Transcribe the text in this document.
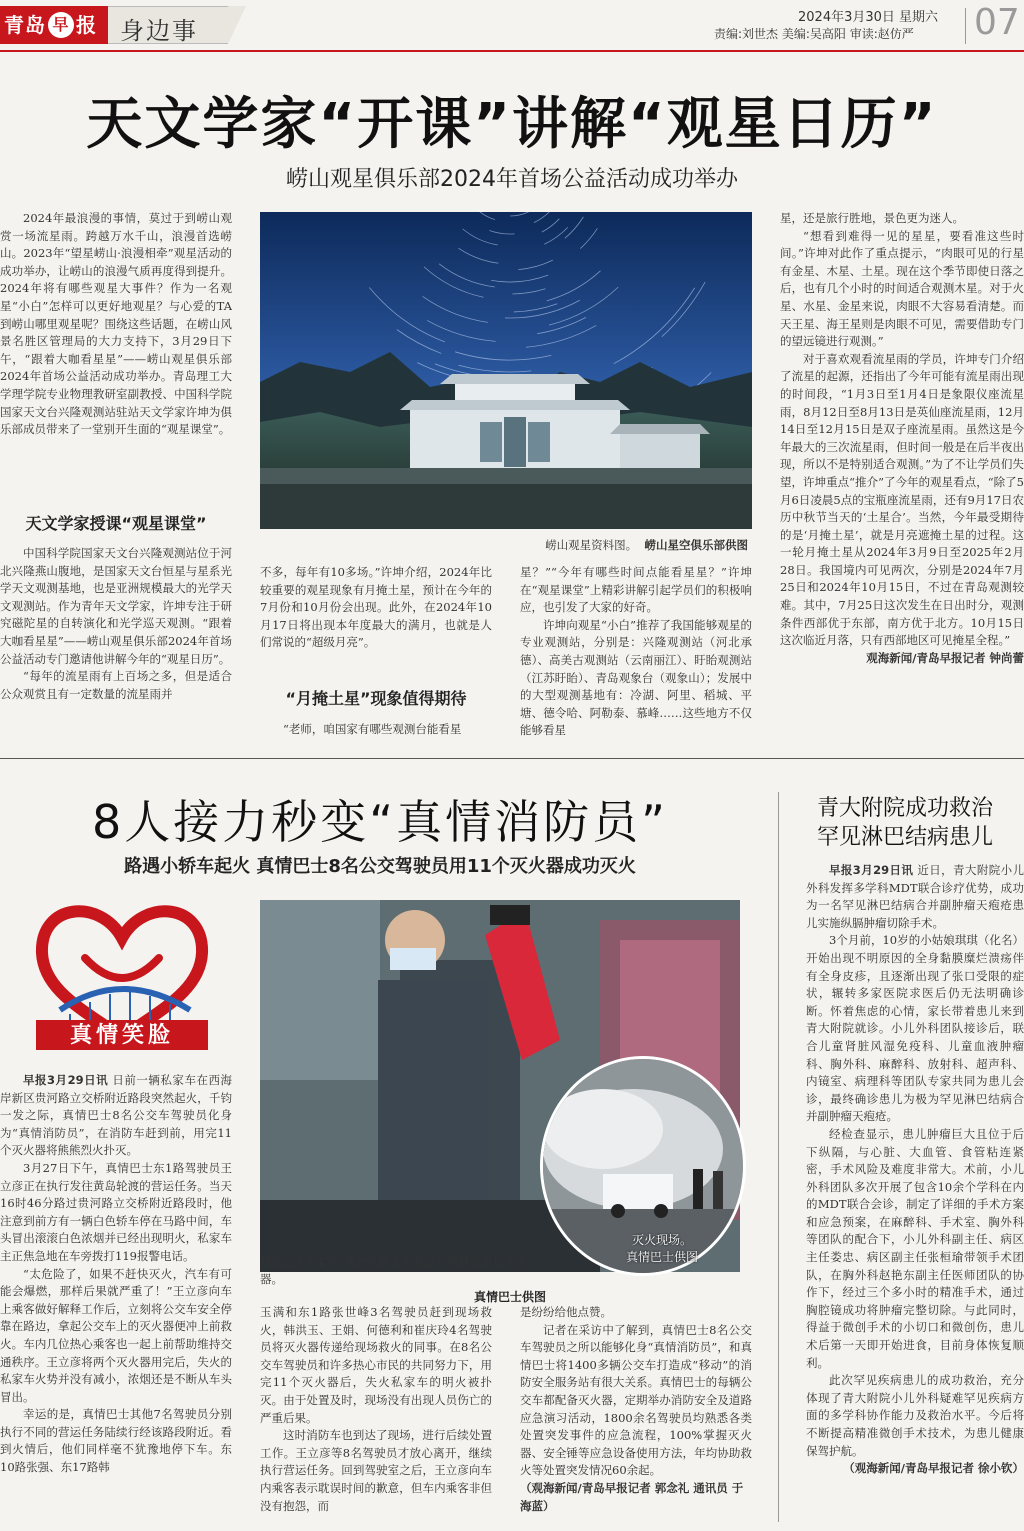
青岛 早 报 身边事	2024年3月30日 星期六
责编:刘世杰 美编:吴高阳 审读:赵仿严 07
天文学家“开课”讲解“观星日历”
崂山观星俱乐部2024年首场公益活动成功举办

2024年最浪漫的事情，莫过于到崂山观赏一场流星雨。跨越万水千山，浪漫首选崂山。2023年“望星崂山·浪漫相牵”观星活动的成功举办，让崂山的浪漫气质再度得到提升。2024年将有哪些观星大事件？作为一名观星“小白”怎样可以更好地观星？与心爱的TA到崂山哪里观星呢？围绕这些话题，在崂山风景名胜区管理局的大力支持下，3月29日下午，“跟着大咖看星星”——崂山观星俱乐部2024年首场公益活动成功举办。青岛理工大学理学院专业物理教研室副教授、中国科学院国家天文台兴隆观测站驻站天文学家许坤为俱乐部成员带来了一堂别开生面的“观星课堂”。

天文学家授课“观星课堂”

中国科学院国家天文台兴隆观测站位于河北兴隆燕山腹地，是国家天文台恒星与星系光学天文观测基地，也是亚洲规模最大的光学天文观测站。作为青年天文学家，许坤专注于研究磁陀星的自转演化和光学巡天观测。“跟着大咖看星星”——崂山观星俱乐部2024年首场公益活动专门邀请他讲解今年的“观星日历”。

“每年的流星雨有上百场之多，但是适合公众观赏且有一定数量的流星雨并

崂山观星资料图。 崂山星空俱乐部供图

不多，每年有10多场。”许坤介绍，2024年比较重要的观星现象有月掩土星，预计在今年的7月份和10月份会出现。此外，在2024年10月17日将出现本年度最大的满月，也就是人们常说的“超级月亮”。

“月掩土星”现象值得期待

“老师，咱国家有哪些观测台能看星

星？”“今年有哪些时间点能看星星？”许坤在“观星课堂”上精彩讲解引起学员们的积极响应，也引发了大家的好奇。

许坤向观星“小白”推荐了我国能够观星的专业观测站，分别是：兴隆观测站（河北承德）、高美古观测站（云南丽江）、盱眙观测站（江苏盱眙）、青岛观象台（观象山）；发展中的大型观测基地有：冷湖、阿里、稻城、平塘、德令哈、阿勒泰、慕峰……这些地方不仅能够看星

星，还是旅行胜地，景色更为迷人。

“想看到难得一见的星星，要看准这些时间。”许坤对此作了重点提示，“肉眼可见的行星有金星、木星、土星。现在这个季节即使日落之后，也有几个小时的时间适合观测木星。对于火星、水星、金星来说，肉眼不大容易看清楚。而天王星、海王星则是肉眼不可见，需要借助专门的望远镜进行观测。”

对于喜欢观看流星雨的学员，许坤专门介绍了流星的起源，还指出了今年可能有流星雨出现的时间段，“1月3日至1月4日是象限仪座流星雨，8月12日至8月13日是英仙座流星雨，12月14日至12月15日是双子座流星雨。虽然这是今年最大的三次流星雨，但时间一般是在后半夜出现，所以不是特别适合观测。”为了不让学员们失望，许坤重点“推介”了今年的观星看点，“除了5月6日凌晨5点的宝瓶座流星雨，还有9月17日农历中秋节当天的‘土星合’。当然，今年最受期待的是‘月掩土星’，就是月亮遮掩土星的过程。这一轮月掩土星从2024年3月9日至2025年2月28日。我国境内可见两次，分别是2024年7月25日和2024年10月15日，不过在青岛观测较难。其中，7月25日这次发生在日出时分，观测条件西部优于东部，南方优于北方。10月15日这次临近月落，只有西部地区可见掩星全程。”

观海新闻/青岛早报记者 钟尚蕾
8人接力秒变“真情消防员”
路遇小轿车起火 真情巴士8名公交驾驶员用11个灭火器成功灭火
真情笑脸
灭火现场。
真情巴士供图
真情巴士东17路驾驶员韩玉满紧急从驾驶室拿取灭火器。
真情巴士供图

早报3月29日讯 日前一辆私家车在西海岸新区贵河路立交桥附近路段突然起火，千钧一发之际，真情巴士8名公交车驾驶员化身为“真情消防员”，在消防车赶到前，用完11个灭火器将熊熊烈火扑灭。

3月27日下午，真情巴士东1路驾驶员王立彦正在执行发往黄岛轮渡的营运任务。当天16时46分路过贵河路立交桥附近路段时，他注意到前方有一辆白色轿车停在马路中间，车头冒出滚滚白色浓烟并已经出现明火，私家车主正焦急地在车旁拨打119报警电话。

“太危险了，如果不赶快灭火，汽车有可能会爆燃，那样后果就严重了！”王立彦向车上乘客做好解释工作后，立刻将公交车安全停靠在路边，拿起公交车上的灭火器便冲上前救火。车内几位热心乘客也一起上前帮助维持交通秩序。王立彦将两个灭火器用完后，失火的私家车火势并没有减小，浓烟还是不断从车头冒出。

幸运的是，真情巴士其他7名驾驶员分别执行不同的营运任务陆续行经该路段附近。看到火情后，他们同样毫不犹豫地停下车。东10路张强、东17路韩

玉满和东1路张世峰3名驾驶员赶到现场救火，韩洪玉、王娟、何德利和崔庆玲4名驾驶员将灭火器传递给现场救火的同事。在8名公交车驾驶员和许多热心市民的共同努力下，用完11个灭火器后，失火私家车的明火被扑灭。由于处置及时，现场没有出现人员伤亡的严重后果。

这时消防车也到达了现场，进行后续处置工作。王立彦等8名驾驶员才放心离开，继续执行营运任务。回到驾驶室之后，王立彦向车内乘客表示耽误时间的歉意，但车内乘客非但没有抱怨，而

是纷纷给他点赞。

记者在采访中了解到，真情巴士8名公交车驾驶员之所以能够化身“真情消防员”，和真情巴士将1400多辆公交车打造成“移动”的消防安全服务站有很大关系。真情巴士的每辆公交车都配备灭火器，定期举办消防安全及道路应急演习活动，1800余名驾驶员均熟悉各类处置突发事件的应急流程，100%掌握灭火器、安全锤等应急设备使用方法，年均协助救火等处置突发情况60余起。

（观海新闻/青岛早报记者 郭念礼 通讯员 于海蓝）
青大附院成功救治
罕见淋巴结病患儿

早报3月29日讯 近日，青大附院小儿外科发挥多学科MDT联合诊疗优势，成功为一名罕见淋巴结病合并副肿瘤天疱疮患儿实施纵膈肿瘤切除手术。

3个月前，10岁的小姑娘琪琪（化名）开始出现不明原因的全身黏膜糜烂溃疡伴有全身皮疹，且逐渐出现了张口受限的症状，辗转多家医院求医后仍无法明确诊断。怀着焦虑的心情，家长带着患儿来到青大附院就诊。小儿外科团队接诊后，联合儿童肾脏风湿免疫科、儿童血液肿瘤科、胸外科、麻醉科、放射科、超声科、内镜室、病理科等团队专家共同为患儿会诊，最终确诊患儿为极为罕见淋巴结病合并副肿瘤天疱疮。

经检查显示，患儿肿瘤巨大且位于后下纵隔，与心脏、大血管、食管粘连紧密，手术风险及难度非常大。术前，小儿外科团队多次开展了包含10余个学科在内的MDT联合会诊，制定了详细的手术方案和应急预案，在麻醉科、手术室、胸外科等团队的配合下，小儿外科副主任、病区主任娄忠、病区副主任张桓瑜带领手术团队，在胸外科赵艳东副主任医师团队的协作下，经过三个多小时的精准手术，通过胸腔镜成功将肿瘤完整切除。与此同时，得益于微创手术的小切口和微创伤，患儿术后第一天即开始进食，目前身体恢复顺利。

此次罕见疾病患儿的成功救治，充分体现了青大附院小儿外科疑难罕见疾病方面的多学科协作能力及救治水平。今后将不断提高精准微创手术技术，为患儿健康保驾护航。

（观海新闻/青岛早报记者 徐小钦）
